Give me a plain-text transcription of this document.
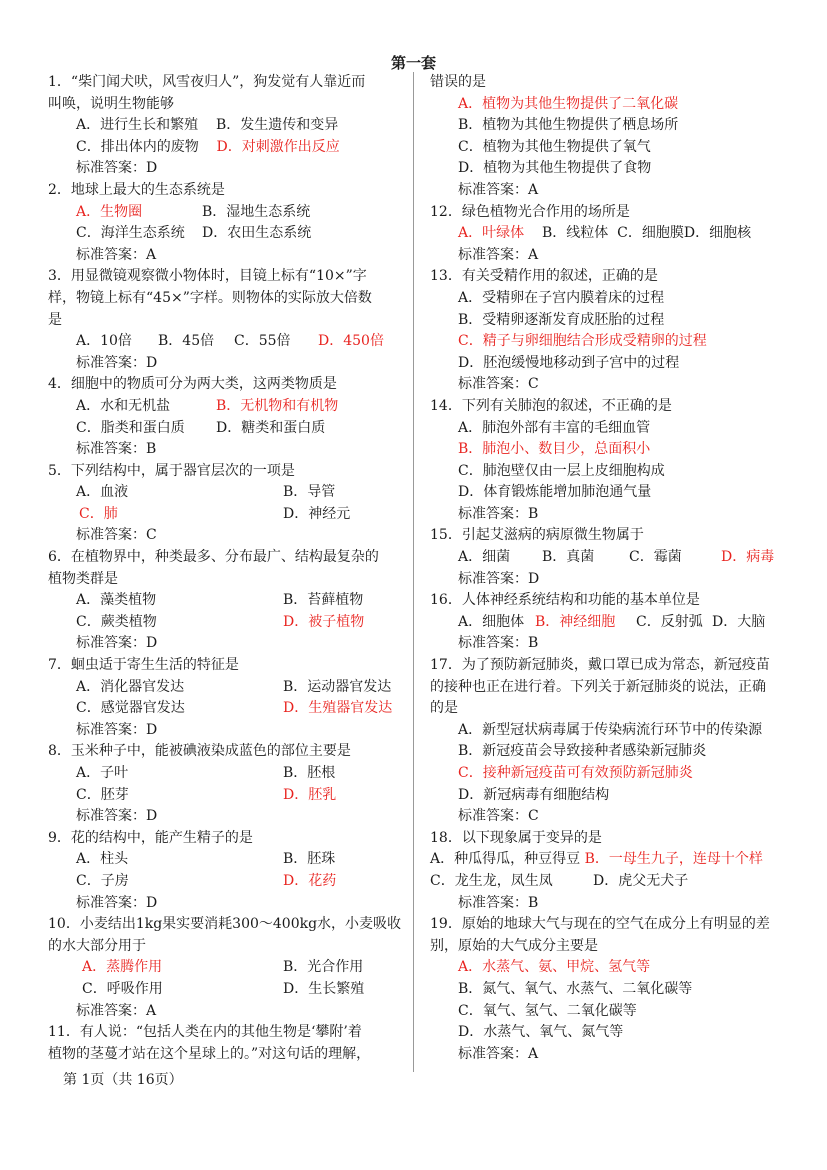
第一套
1．“柴门闻犬吠，风雪夜归人”，狗发觉有人靠近而
叫唤，说明生物能够
A．进行生长和繁殖 B．发生遗传和变异
C．排出体内的废物 D．对刺激作出反应
标准答案：D
2．地球上最大的生态系统是
A．生物圈	B．湿地生态系统
C．海洋生态系统	D．农田生态系统
标准答案：A
3．用显微镜观察微小物体时，目镜上标有“10×”字
样，物镜上标有“45×”字样。则物体的实际放大倍数
是
A．10倍	B．45倍	C．55倍	D．450倍
标准答案：D
4．细胞中的物质可分为两大类，这两类物质是
A．水和无机盐	B．无机物和有机物
C．脂类和蛋白质	D．糖类和蛋白质
标准答案：B
5．下列结构中，属于器官层次的一项是
A．血液	B．导管
C．肺	D．神经元
标准答案：C
6．在植物界中，种类最多、分布最广、结构最复杂的
植物类群是
A．藻类植物	B．苔藓植物
C．蕨类植物	D．被子植物
标准答案：D
7．蛔虫适于寄生生活的特征是
A．消化器官发达	B．运动器官发达
C．感觉器官发达	D．生殖器官发达
标准答案：D
8．玉米种子中，能被碘液染成蓝色的部位主要是
A．子叶	B．胚根
C．胚芽	D．胚乳
标准答案：D
9．花的结构中，能产生精子的是
A．柱头	B．胚珠
C．子房	D．花药
标准答案：D
10．小麦结出1kg果实要消耗300～400kg水，小麦吸收
的水大部分用于
A．蒸腾作用	B．光合作用
C．呼吸作用	D．生长繁殖
标准答案：A
11．有人说：“包括人类在内的其他生物是‘攀附’着
植物的茎蔓才站在这个星球上的。”对这句话的理解，
错误的是
A．植物为其他生物提供了二氧化碳
B．植物为其他生物提供了栖息场所
C．植物为其他生物提供了氧气
D．植物为其他生物提供了食物
标准答案：A
12．绿色植物光合作用的场所是
A．叶绿体 B．线粒体 C．细胞膜D．细胞核
标准答案：A
13．有关受精作用的叙述，正确的是
A．受精卵在子宫内膜着床的过程
B．受精卵逐渐发育成胚胎的过程
C．精子与卵细胞结合形成受精卵的过程
D．胚泡缓慢地移动到子宫中的过程
标准答案：C
14．下列有关肺泡的叙述，不正确的是
A．肺泡外部有丰富的毛细血管
B．肺泡小、数目少，总面积小
C．肺泡壁仅由一层上皮细胞构成
D．体育锻炼能增加肺泡通气量
标准答案：B
15．引起艾滋病的病原微生物属于
A．细菌	B．真菌	C．霉菌	D．病毒
标准答案：D
16．人体神经系统结构和功能的基本单位是
A．细胞体 B．神经细胞	C．反射弧 D．大脑
标准答案：B
17．为了预防新冠肺炎，戴口罩已成为常态，新冠疫苗
的接种也正在进行着。下列关于新冠肺炎的说法，正确
的是
A．新型冠状病毒属于传染病流行环节中的传染源
B．新冠疫苗会导致接种者感染新冠肺炎
C．接种新冠疫苗可有效预防新冠肺炎
D．新冠病毒有细胞结构
标准答案：C
18．以下现象属于变异的是
A．种瓜得瓜，种豆得豆 B．一母生九子，连母十个样
C．龙生龙，凤生凤	D．虎父无犬子
标准答案：B
19．原始的地球大气与现在的空气在成分上有明显的差
别，原始的大气成分主要是
A．水蒸气、氨、甲烷、氢气等
B．氮气、氧气、水蒸气、二氧化碳等
C．氧气、氢气、二氧化碳等
D．水蒸气、氧气、氮气等
标准答案：A
第 1页（共 16页）
